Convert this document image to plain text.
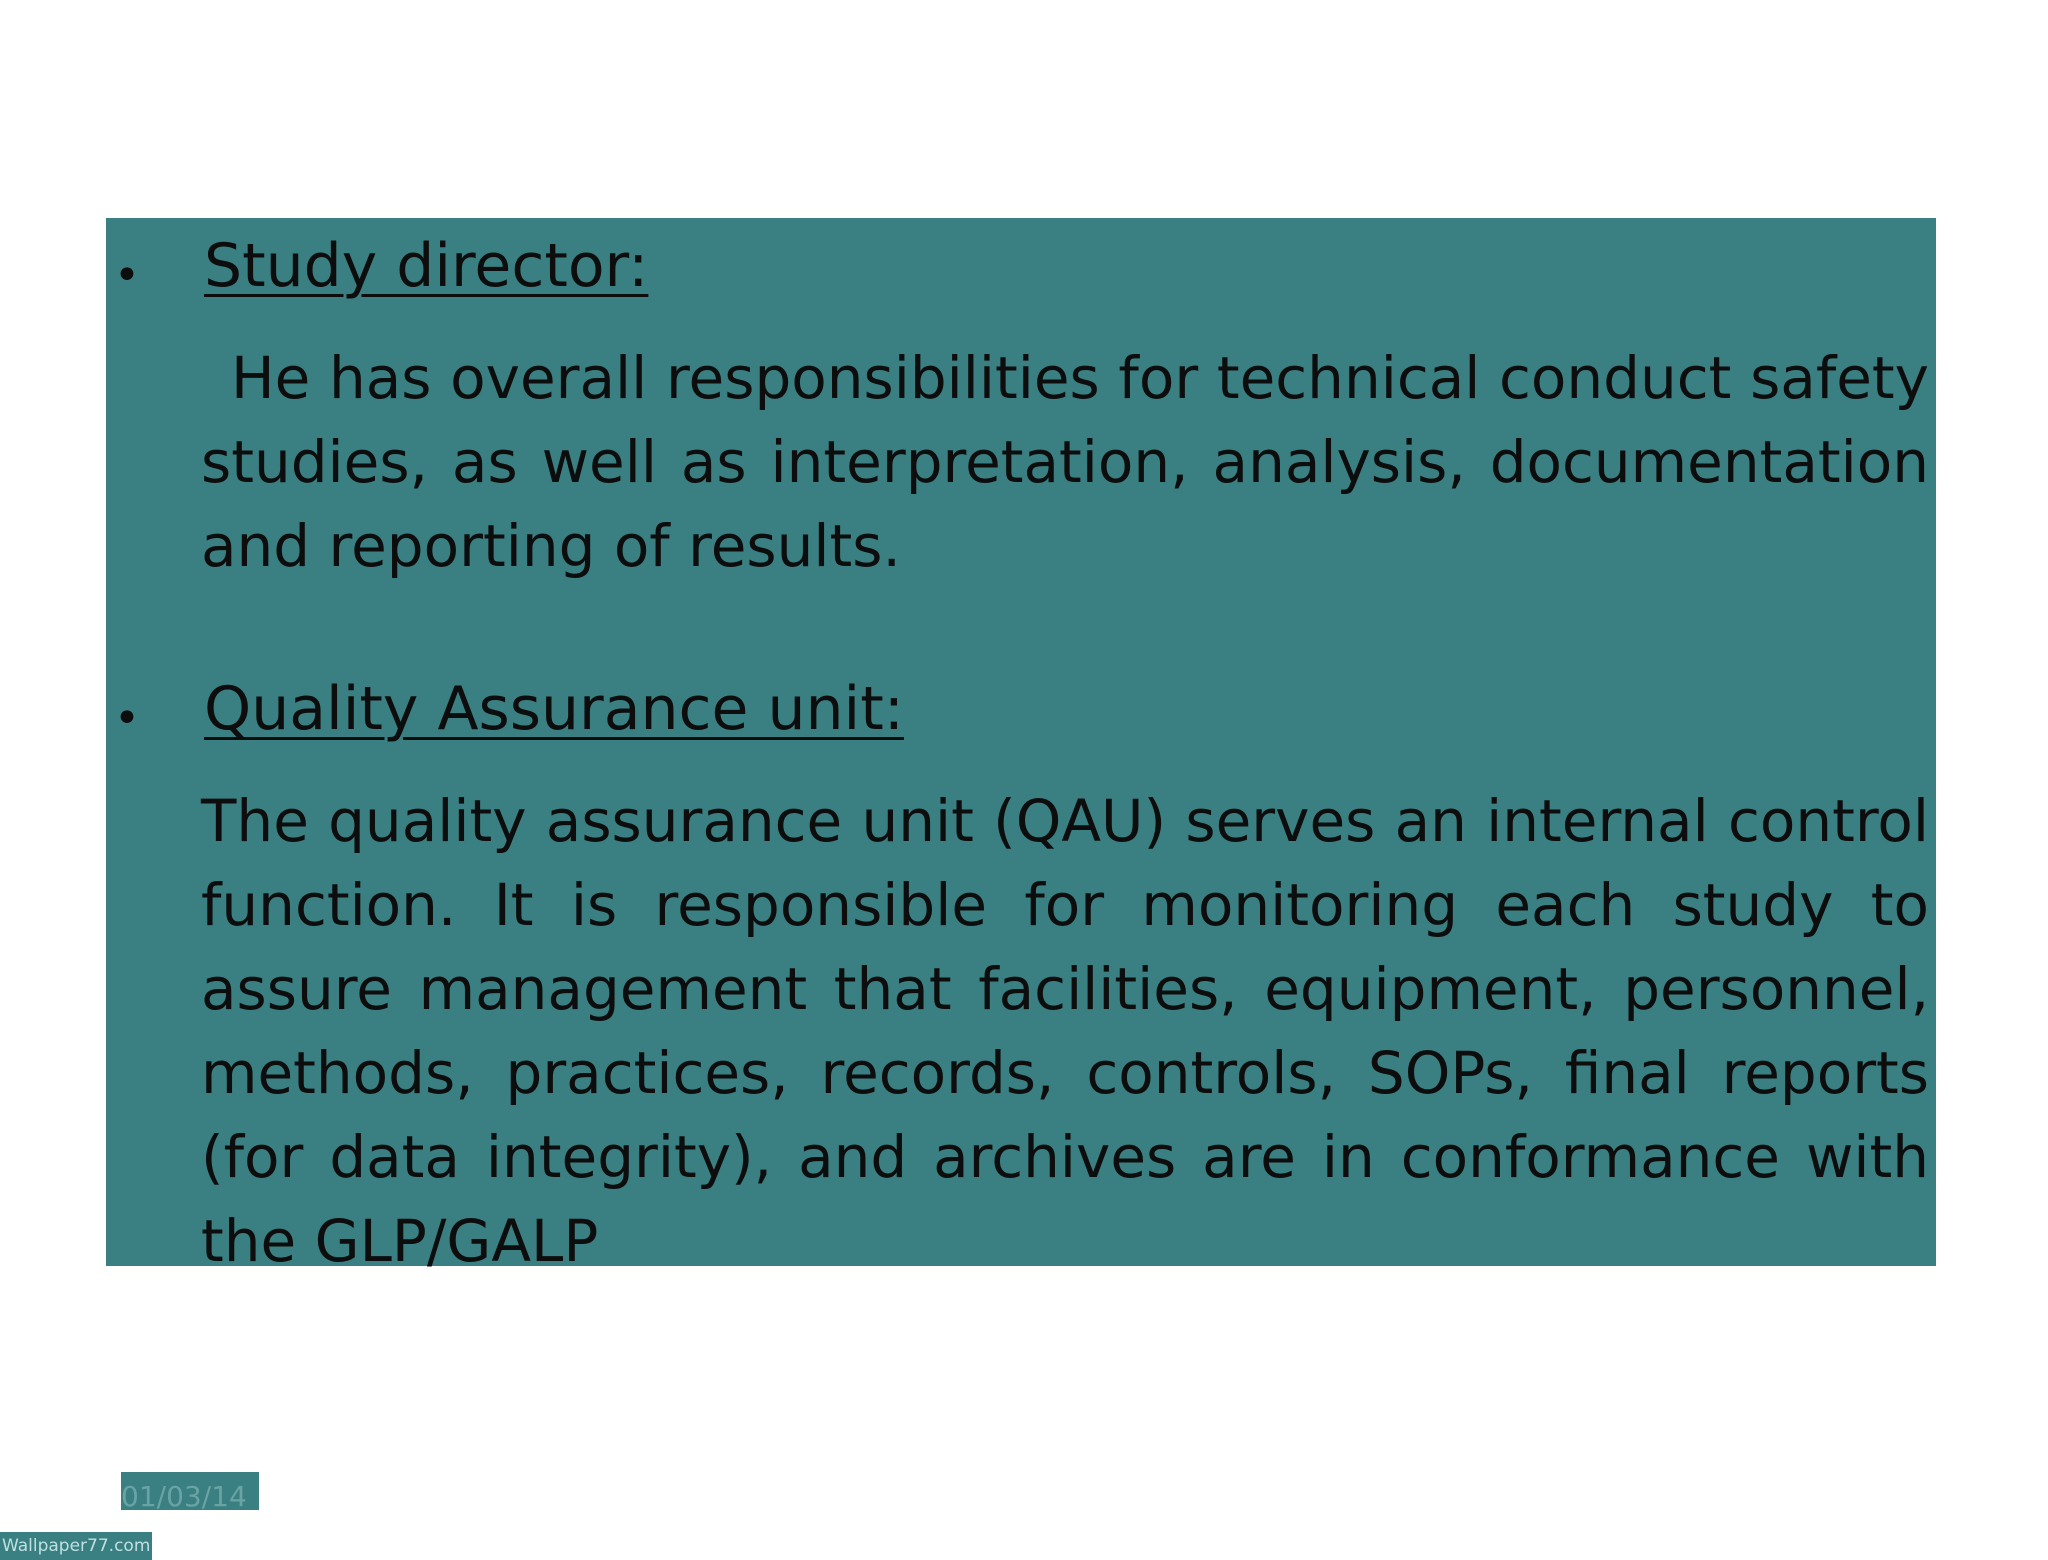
• Study director:
He has overall responsibilities for technical conduct safety studies, as well as interpretation, analysis, documentation and reporting of results.
• Quality Assurance unit:
The quality assurance unit (QAU) serves an internal control function. It is responsible for monitoring each study to assure management that facilities, equipment, personnel, methods, practices, records, controls, SOPs, final reports (for data integrity), and archives are in conformance with the GLP/GALP
01/03/14
Wallpaper77.com
